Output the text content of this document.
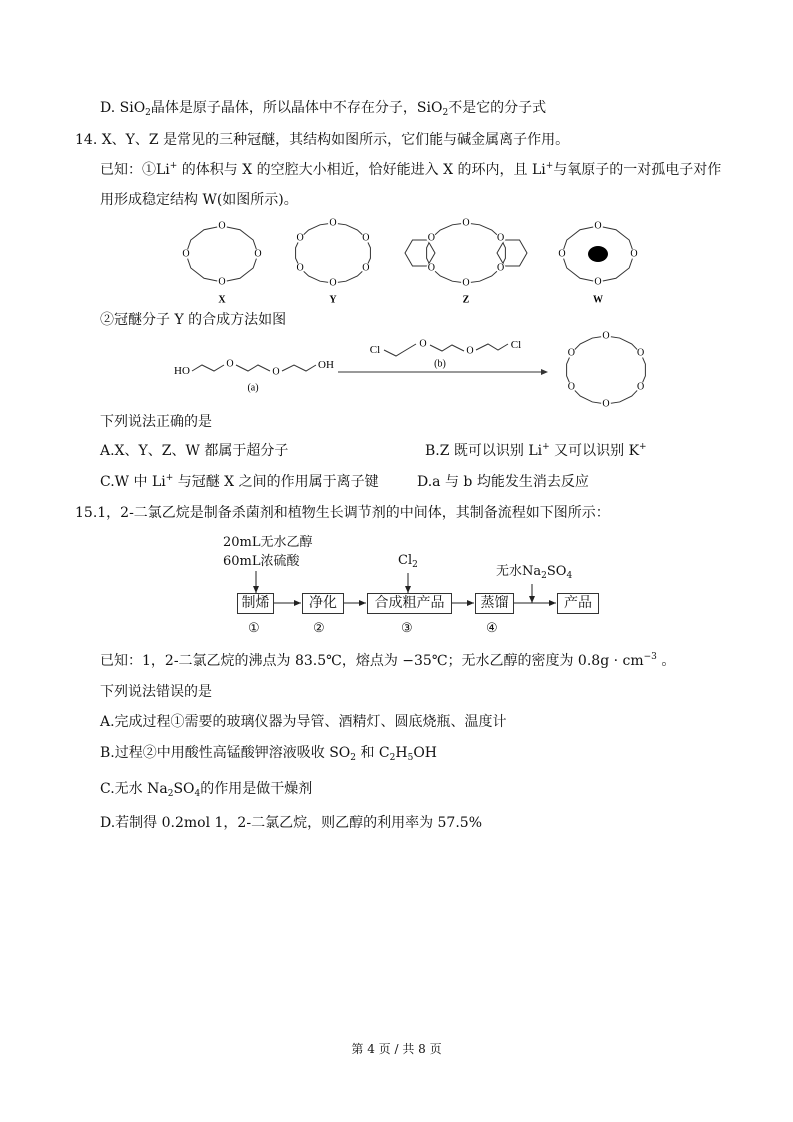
D. SiO$_2$晶体是原子晶体，所以晶体中不存在分子，SiO$_2$不是它的分子式
14. X、Y、Z 是常见的三种冠醚，其结构如图所示，它们能与碱金属离子作用。
已知：①Li+ 的体积与 X 的空腔大小相近，恰好能进入 X 的环内，且 Li+与氧原子的一对孤电子对作
用形成稳定结构 W(如图所示)。
②冠醚分子 Y 的合成方法如图
下列说法正确的是
A.X、Y、Z、W 都属于超分子	B.Z 既可以识别 Li+ 又可以识别 K+
C.W 中 Li+ 与冠醚 X 之间的作用属于离子键	D.a 与 b 均能发生消去反应
15.1，2-二氯乙烷是制备杀菌剂和植物生长调节剂的中间体，其制备流程如下图所示：
已知：1，2-二氯乙烷的沸点为 83.5℃，熔点为 −35℃；无水乙醇的密度为 $0.8g \cdot cm^{-3}$ 。
下列说法错误的是
A.完成过程①需要的玻璃仪器为导管、酒精灯、圆底烧瓶、温度计
B.过程②中用酸性高锰酸钾溶液吸收 $SO_2$ 和 $C_2H_5OH$
C.无水 $Na_2SO_4$的作用是做干燥剂
D.若制得 0.2mol 1，2-二氯乙烷，则乙醇的利用率为 57.5%
O
O
O
O
X
O
O
O
O
O
O
Y
O
O
O
O
O
O
Z
O
O
O
O
W
O
O
O
O
O
O
HO
O
O
OH
(a)
Cl	O
O	Cl
(b)
20mL无水乙醇
60mL浓硫酸	$Cl_2$	无水$Na_2SO_4$
制烯	净化	合成粗产品	蒸馏	产品
①	②	③	④
第 4 页 / 共 8 页
